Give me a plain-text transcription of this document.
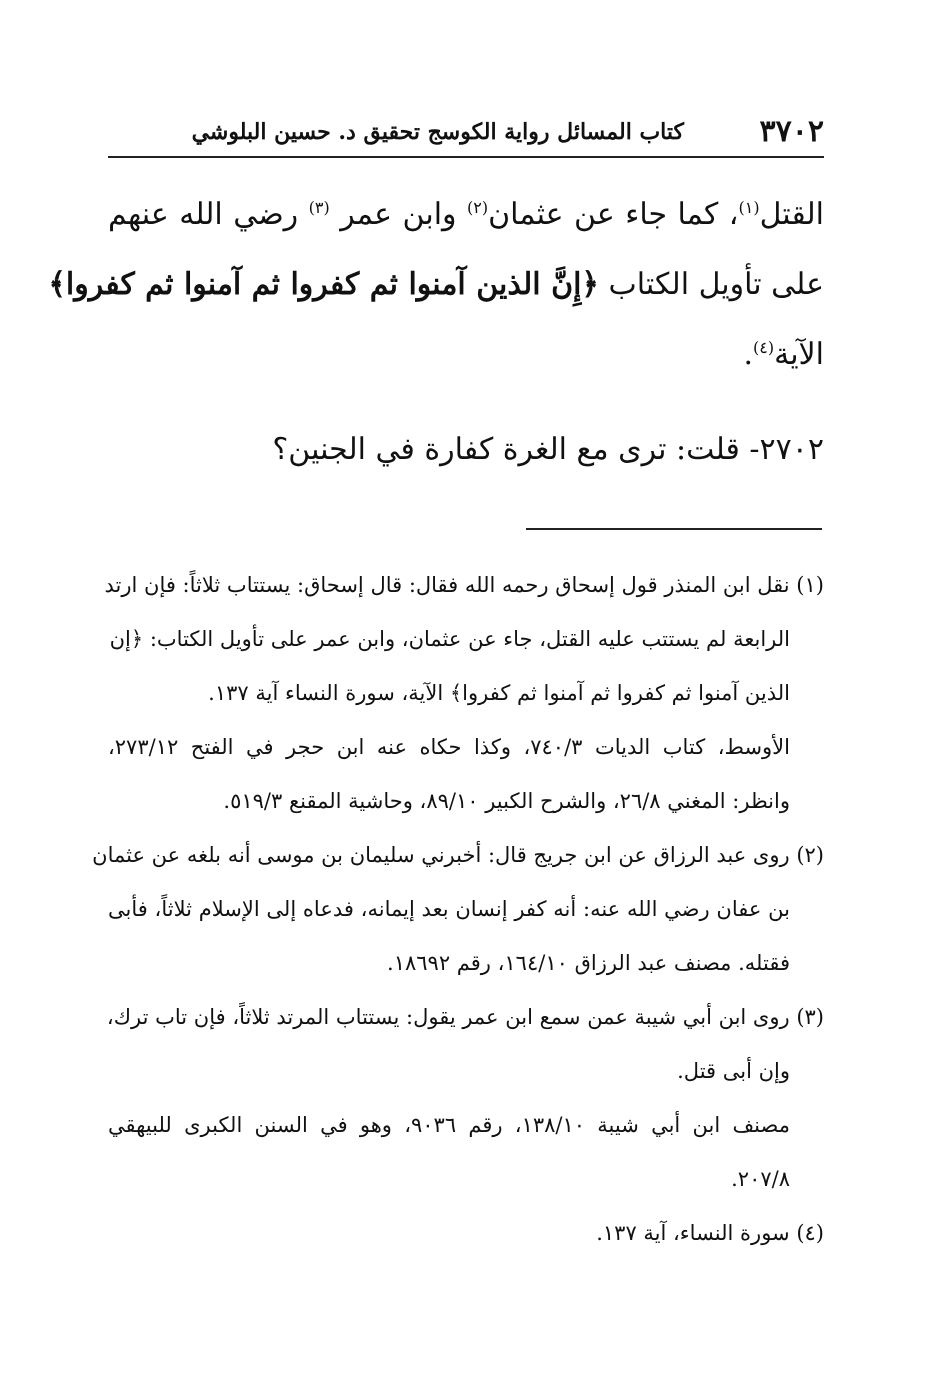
٣٧٠٢
كتاب المسائل رواية الكوسج تحقيق د. حسين البلوشي
القتل$^{(١)}$، كما جاء عن عثمان$^{(٢)}$ وابن عمر $^{(٣)}$ رضي الله عنهم
على تأويل الكتاب ﴿إِنَّ الذين آمنوا ثم كفروا ثم آمنوا ثم كفروا﴾
الآية$^{(٤)}$.
٢٧٠٢- قلت: ترى مع الغرة كفارة في الجنين؟
(١) نقل ابن المنذر قول إسحاق رحمه الله فقال: قال إسحاق: يستتاب ثلاثاً: فإن ارتد
الرابعة لم يستتب عليه القتل، جاء عن عثمان، وابن عمر على تأويل الكتاب: ﴿إن
الذين آمنوا ثم كفروا ثم آمنوا ثم كفروا﴾ الآية، سورة النساء آية ١٣٧.
الأوسط، كتاب الديات ٧٤٠/٣، وكذا حكاه عنه ابن حجر في الفتح ٢٧٣/١٢،
وانظر: المغني ٢٦/٨، والشرح الكبير ٨٩/١٠، وحاشية المقنع ٥١٩/٣.
(٢) روى عبد الرزاق عن ابن جريج قال: أخبرني سليمان بن موسى أنه بلغه عن عثمان
بن عفان رضي الله عنه: أنه كفر إنسان بعد إيمانه، فدعاه إلى الإسلام ثلاثاً، فأبى
فقتله. مصنف عبد الرزاق ١٦٤/١٠، رقم ١٨٦٩٢.
(٣) روى ابن أبي شيبة عمن سمع ابن عمر يقول: يستتاب المرتد ثلاثاً، فإن تاب ترك،
وإن أبى قتل.
مصنف ابن أبي شيبة ١٣٨/١٠، رقم ٩٠٣٦، وهو في السنن الكبرى للبيهقي
٢٠٧/٨.
(٤) سورة النساء، آية ١٣٧.
